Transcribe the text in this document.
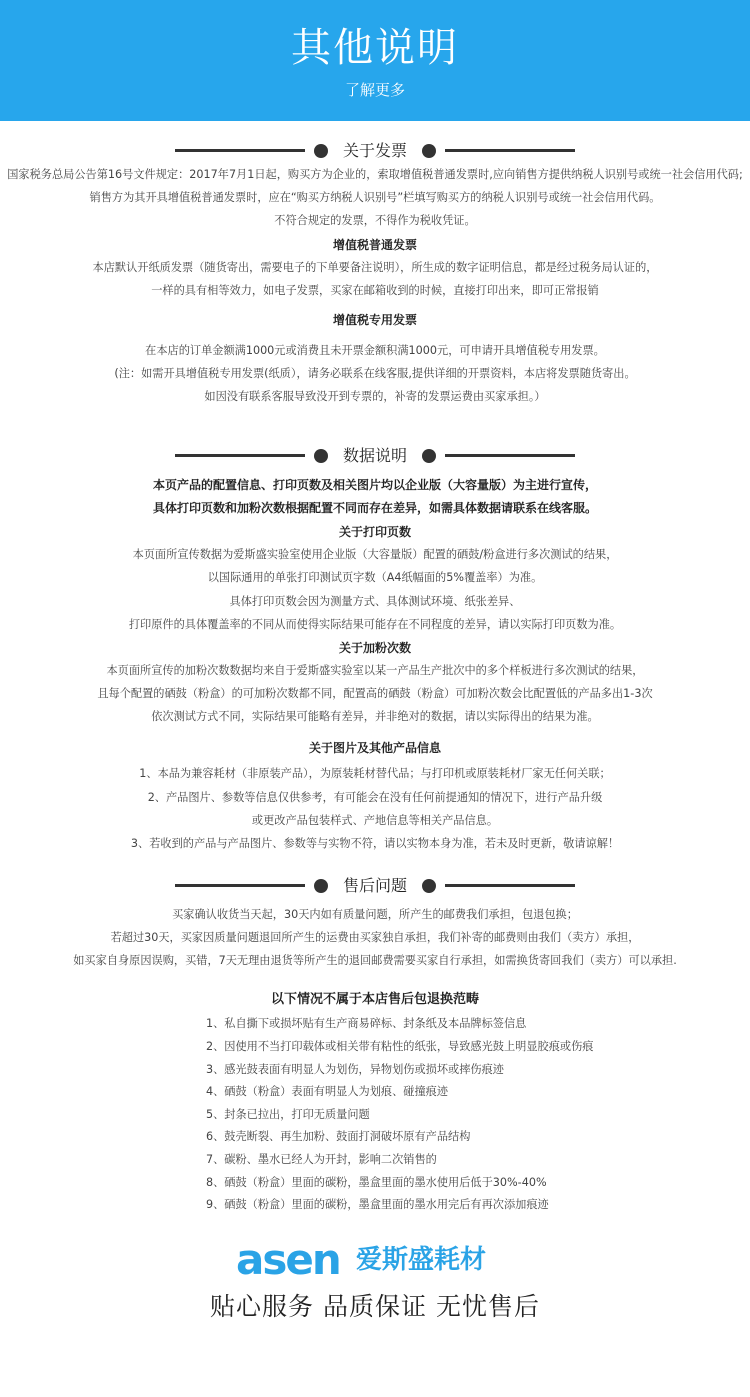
其他说明
了解更多
关于发票
国家税务总局公告第16号文件规定：2017年7月1日起，购买方为企业的，索取增值税普通发票时,应向销售方提供纳税人识别号或统一社会信用代码;
销售方为其开具增值税普通发票时，应在“购买方纳税人识别号”栏填写购买方的纳税人识别号或统一社会信用代码。
不符合规定的发票，不得作为税收凭证。
增值税普通发票
本店默认开纸质发票（随货寄出，需要电子的下单要备注说明），所生成的数字证明信息，都是经过税务局认证的，
一样的具有相等效力，如电子发票，买家在邮箱收到的时候，直接打印出来，即可正常报销
增值税专用发票
在本店的订单金额满1000元或消费且未开票金额积满1000元，可申请开具增值税专用发票。
(注：如需开具增值税专用发票(纸质），请务必联系在线客服,提供详细的开票资料，本店将发票随货寄出。
如因没有联系客服导致没开到专票的，补寄的发票运费由买家承担。）
数据说明
本页产品的配置信息、打印页数及相关图片均以企业版（大容量版）为主进行宣传，
具体打印页数和加粉次数根据配置不同而存在差异，如需具体数据请联系在线客服。
关于打印页数
本页面所宣传数据为爱斯盛实验室使用企业版（大容量版）配置的硒鼓/粉盒进行多次测试的结果，
以国际通用的单张打印测试页字数（A4纸幅面的5%覆盖率）为准。
具体打印页数会因为测量方式、具体测试环境、纸张差异、
打印原件的具体覆盖率的不同从而使得实际结果可能存在不同程度的差异，请以实际打印页数为准。
关于加粉次数
本页面所宣传的加粉次数数据均来自于爱斯盛实验室以某一产品生产批次中的多个样板进行多次测试的结果，
且每个配置的硒鼓（粉盒）的可加粉次数都不同，配置高的硒鼓（粉盒）可加粉次数会比配置低的产品多出1-3次
依次测试方式不同，实际结果可能略有差异，并非绝对的数据，请以实际得出的结果为准。
关于图片及其他产品信息
1、本品为兼容耗材（非原装产品），为原装耗材替代品；与打印机或原装耗材厂家无任何关联；
2、产品图片、参数等信息仅供参考，有可能会在没有任何前提通知的情况下，进行产品升级
或更改产品包装样式、产地信息等相关产品信息。
3、若收到的产品与产品图片、参数等与实物不符，请以实物本身为准，若未及时更新，敬请谅解！
售后问题
买家确认收货当天起，30天内如有质量问题，所产生的邮费我们承担，包退包换；
若超过30天，买家因质量问题退回所产生的运费由买家独自承担，我们补寄的邮费则由我们（卖方）承担，
如买家自身原因误购，买错，7天无理由退货等所产生的退回邮费需要买家自行承担，如需换货寄回我们（卖方）可以承担.
以下情况不属于本店售后包退换范畴
1、私自撕下或损坏贴有生产商易碎标、封条纸及本品牌标签信息
2、因使用不当打印载体或相关带有粘性的纸张，导致感光鼓上明显胶痕或伤痕
3、感光鼓表面有明显人为划伤，异物划伤或损坏或摔伤痕迹
4、硒鼓（粉盒）表面有明显人为划痕、碰撞痕迹
5、封条已拉出，打印无质量问题
6、鼓壳断裂、再生加粉、鼓面打洞破坏原有产品结构
7、碳粉、墨水已经人为开封，影响二次销售的
8、硒鼓（粉盒）里面的碳粉，墨盒里面的墨水使用后低于30%-40%
9、硒鼓（粉盒）里面的碳粉，墨盒里面的墨水用完后有再次添加痕迹
asen 爱斯盛耗材
贴心服务 品质保证 无忧售后
